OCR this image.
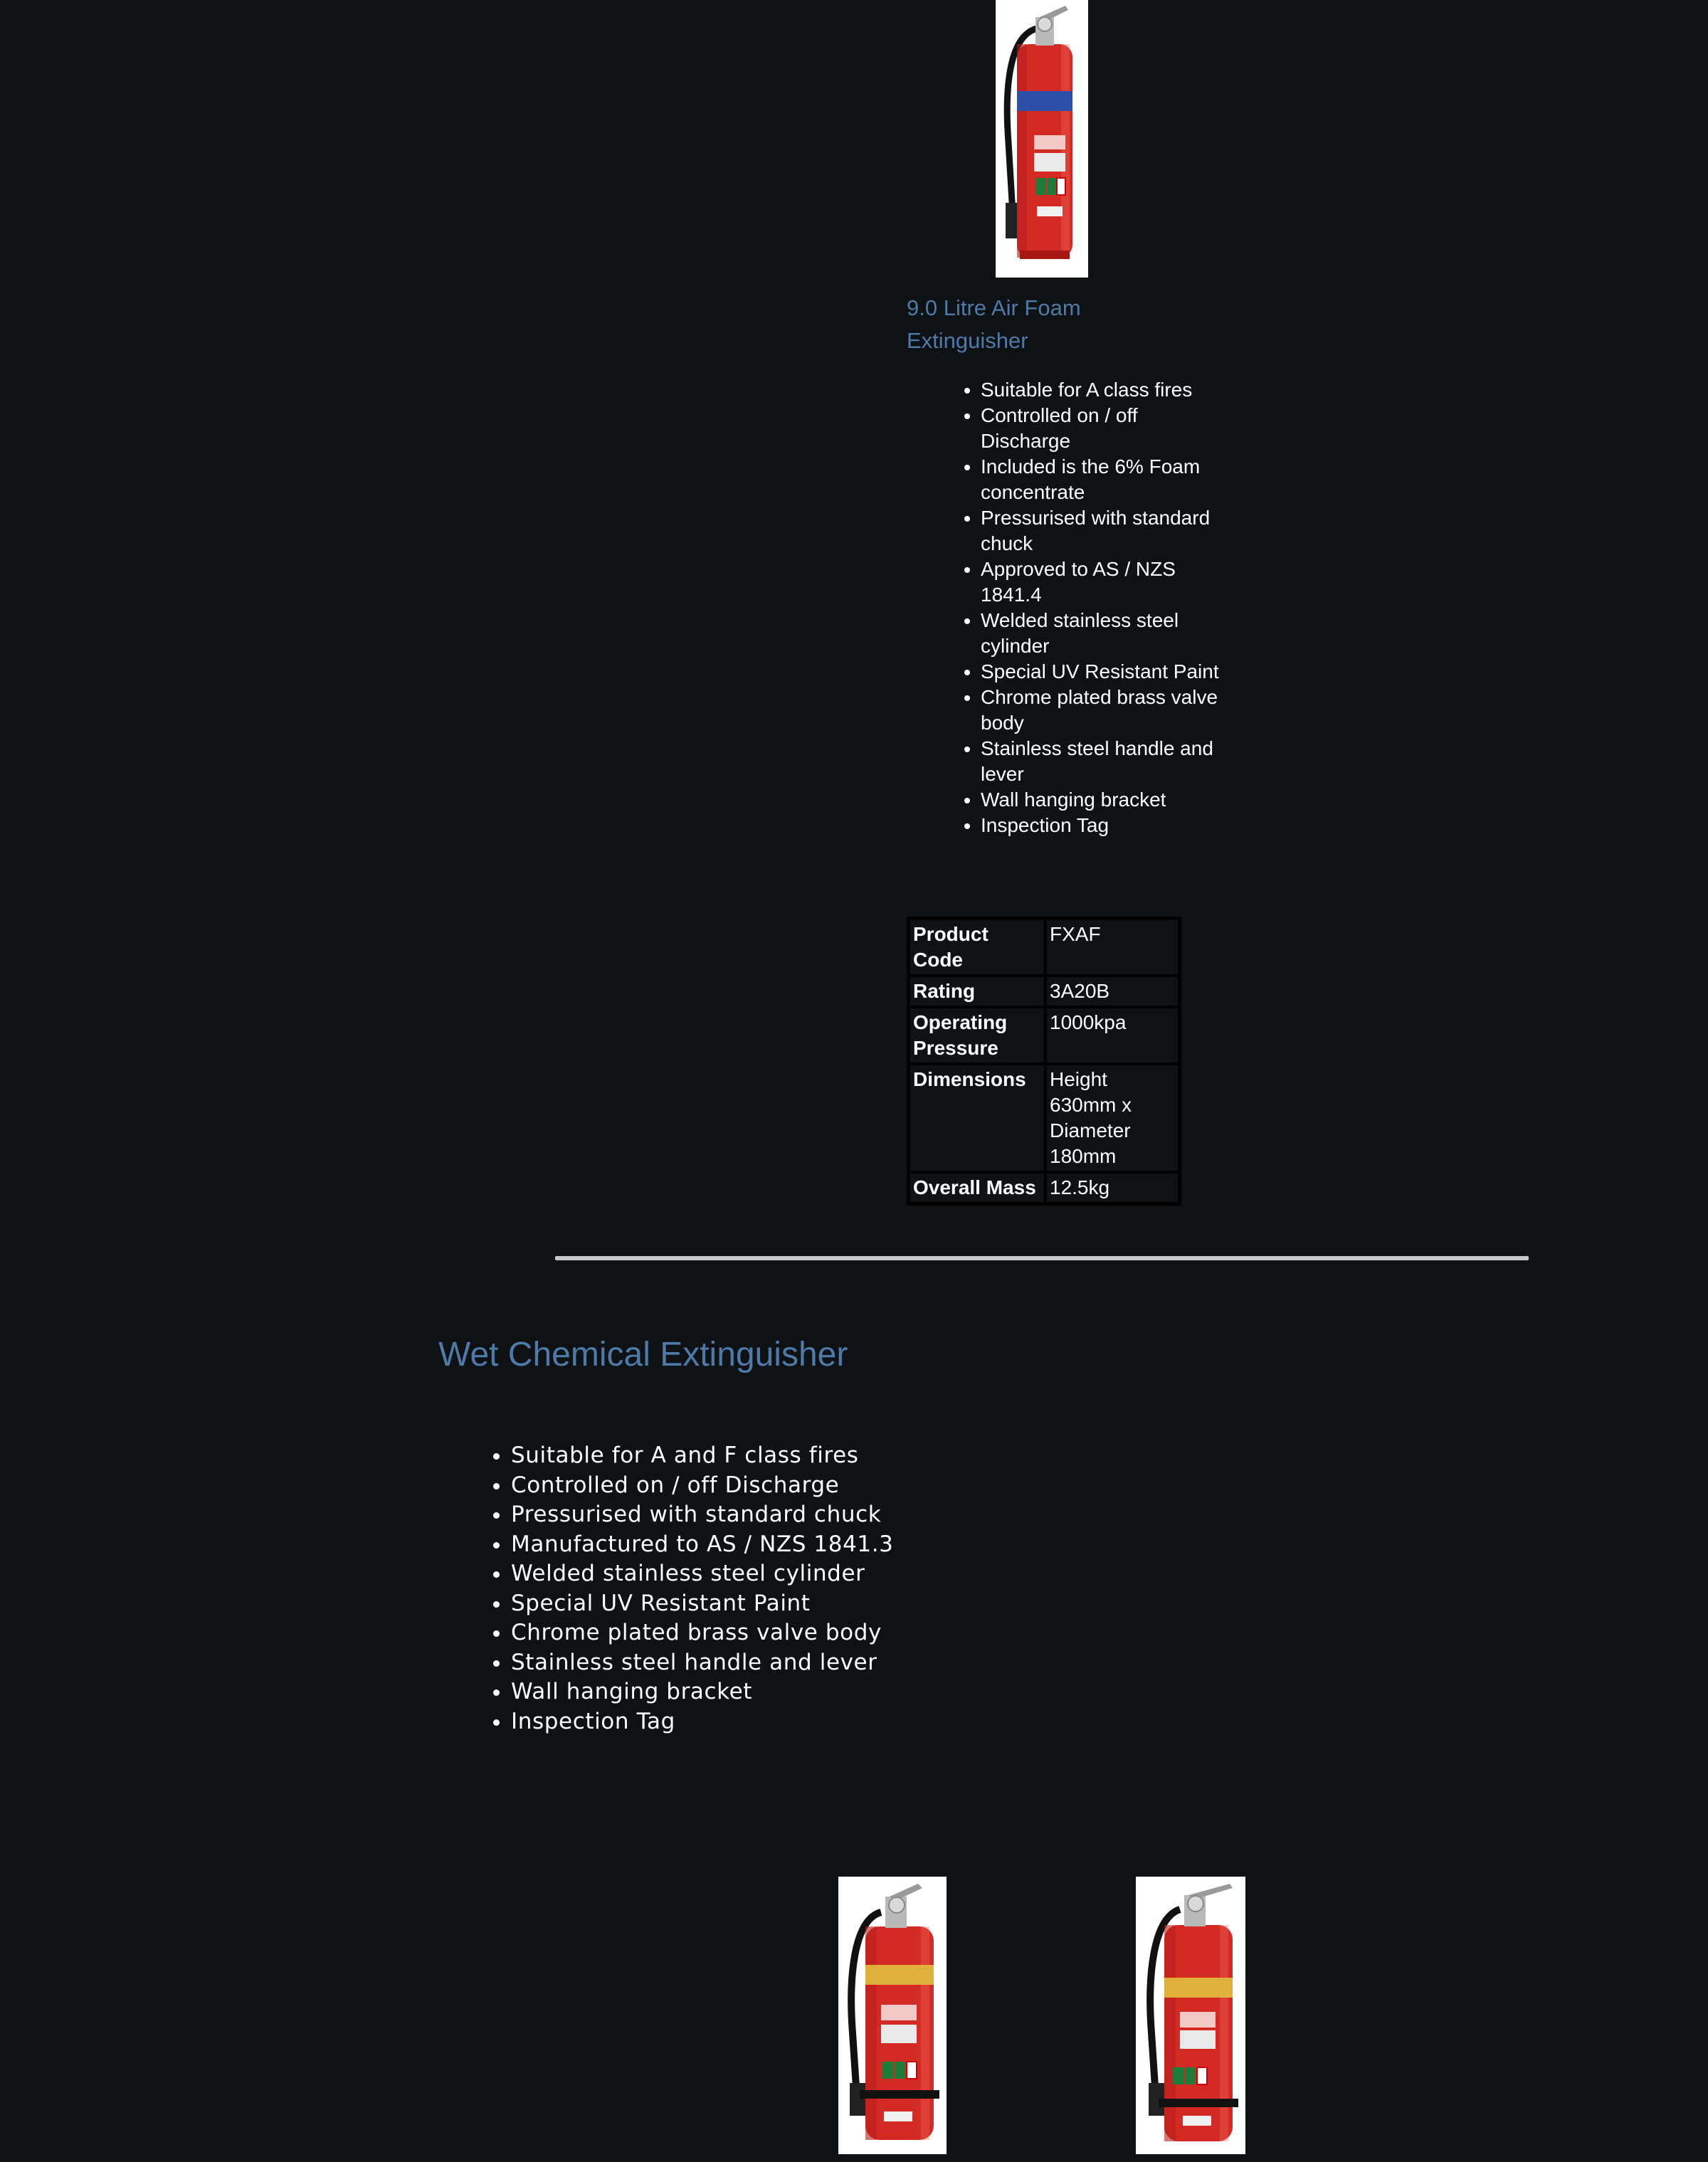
9.0 Litre Air Foam Extinguisher
• Suitable for A class fires
• Controlled on / off Discharge
• Included is the 6% Foam concentrate
• Pressurised with standard chuck
• Approved to AS / NZS 1841.4
• Welded stainless steel cylinder
• Special UV Resistant Paint
• Chrome plated brass valve body
• Stainless steel handle and lever
• Wall hanging bracket
• Inspection Tag
Product Code	FXAF
Rating	3A20B
Operating Pressure	1000kpa
Dimensions	Height 630mm x Diameter 180mm
Overall Mass	12.5kg
Wet Chemical Extinguisher
• Suitable for A and F class fires
• Controlled on / off Discharge
• Pressurised with standard chuck
• Manufactured to AS / NZS 1841.3
• Welded stainless steel cylinder
• Special UV Resistant Paint
• Chrome plated brass valve body
• Stainless steel handle and lever
• Wall hanging bracket
• Inspection Tag
